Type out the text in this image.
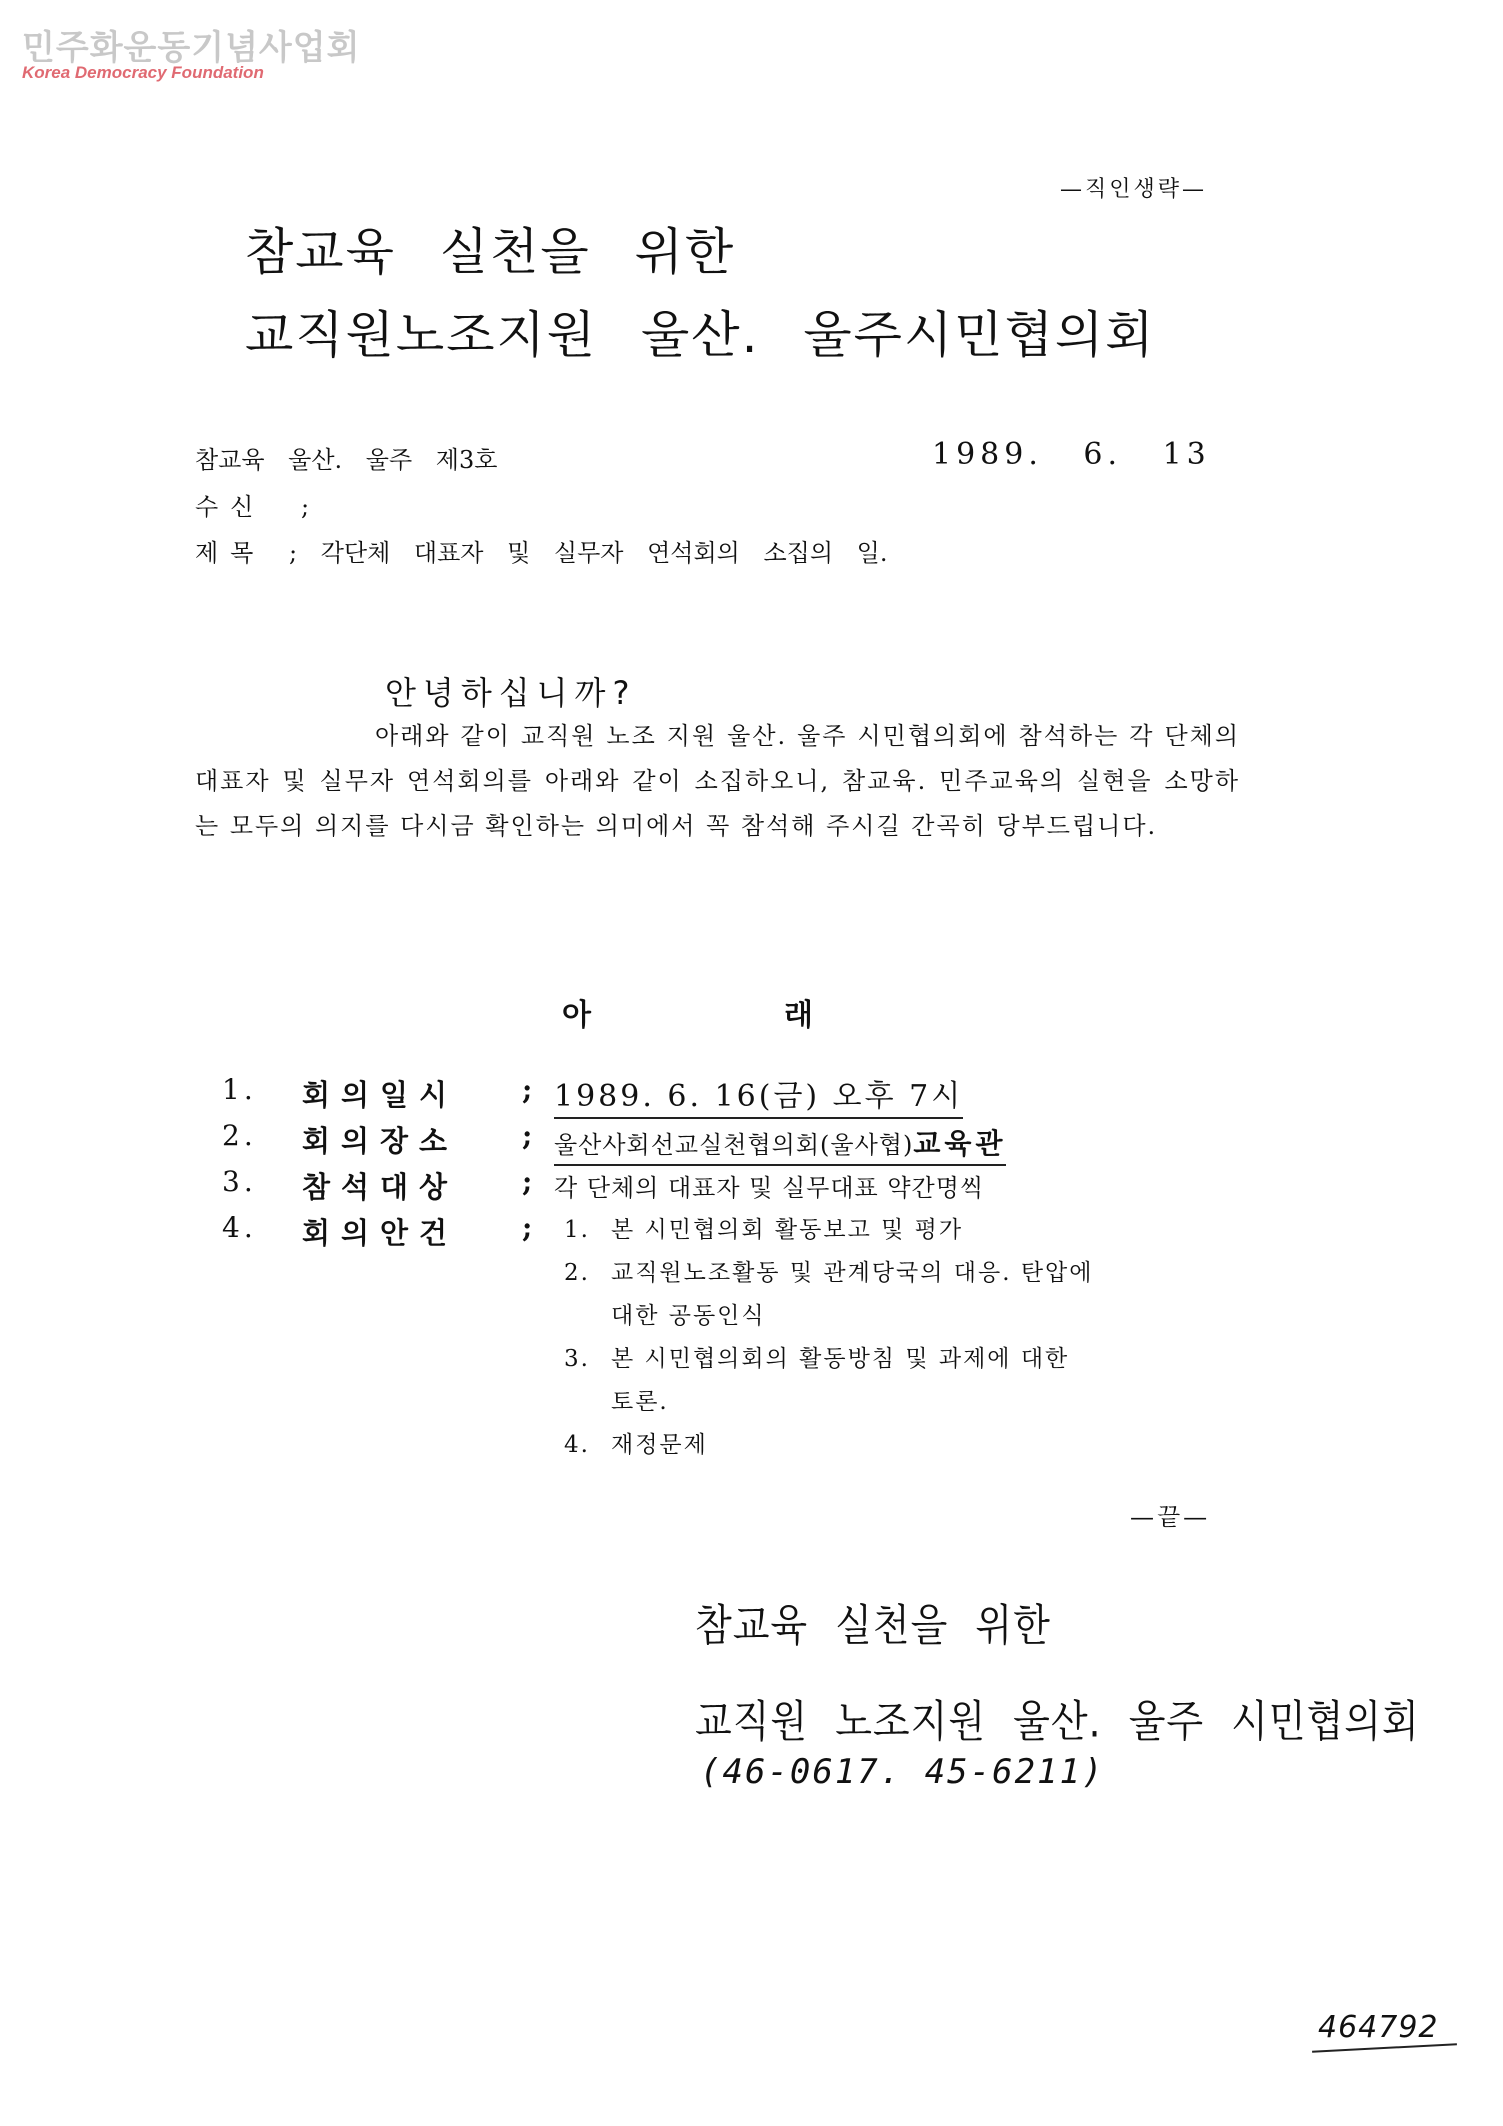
민주화운동기념사업회
Korea Democracy Foundation
—직인생략—
참교육 실천을 위한
교직원노조지원 울산. 울주시민협의회
참교육 울산. 울주 제3호	1989. 6. 13
수신 ;
제목 ; 각단체 대표자 및 실무자 연석회의 소집의 일.
안녕하십니까?

아래와 같이 교직원 노조 지원 울산. 울주 시민협의회에 참석하는 각 단체의 대표자 및 실무자 연석회의를 아래와 같이 소집하오니, 참교육. 민주교육의 실현을 소망하는 모두의 의지를 다시금 확인하는 의미에서 꼭 참석해 주시길 간곡히 당부드립니다.

아	래
1. 회의일시 ; 1989. 6. 16(금) 오후 7시
2. 회의장소 ; 울산사회선교실천협의회(울사협)교육관
3. 참석대상 ; 각 단체의 대표자 및 실무대표 약간명씩
4. 회의안건 ; 1. 본 시민협의회 활동보고 및 평가
2. 교직원노조활동 및 관계당국의 대응. 탄압에
대한 공동인식
3. 본 시민협의회의 활동방침 및 과제에 대한
토론.
4. 재정문제
—끝—
참교육 실천을 위한
교직원 노조지원 울산. 울주 시민협의회
(46-0617. 45-6211)
464792
